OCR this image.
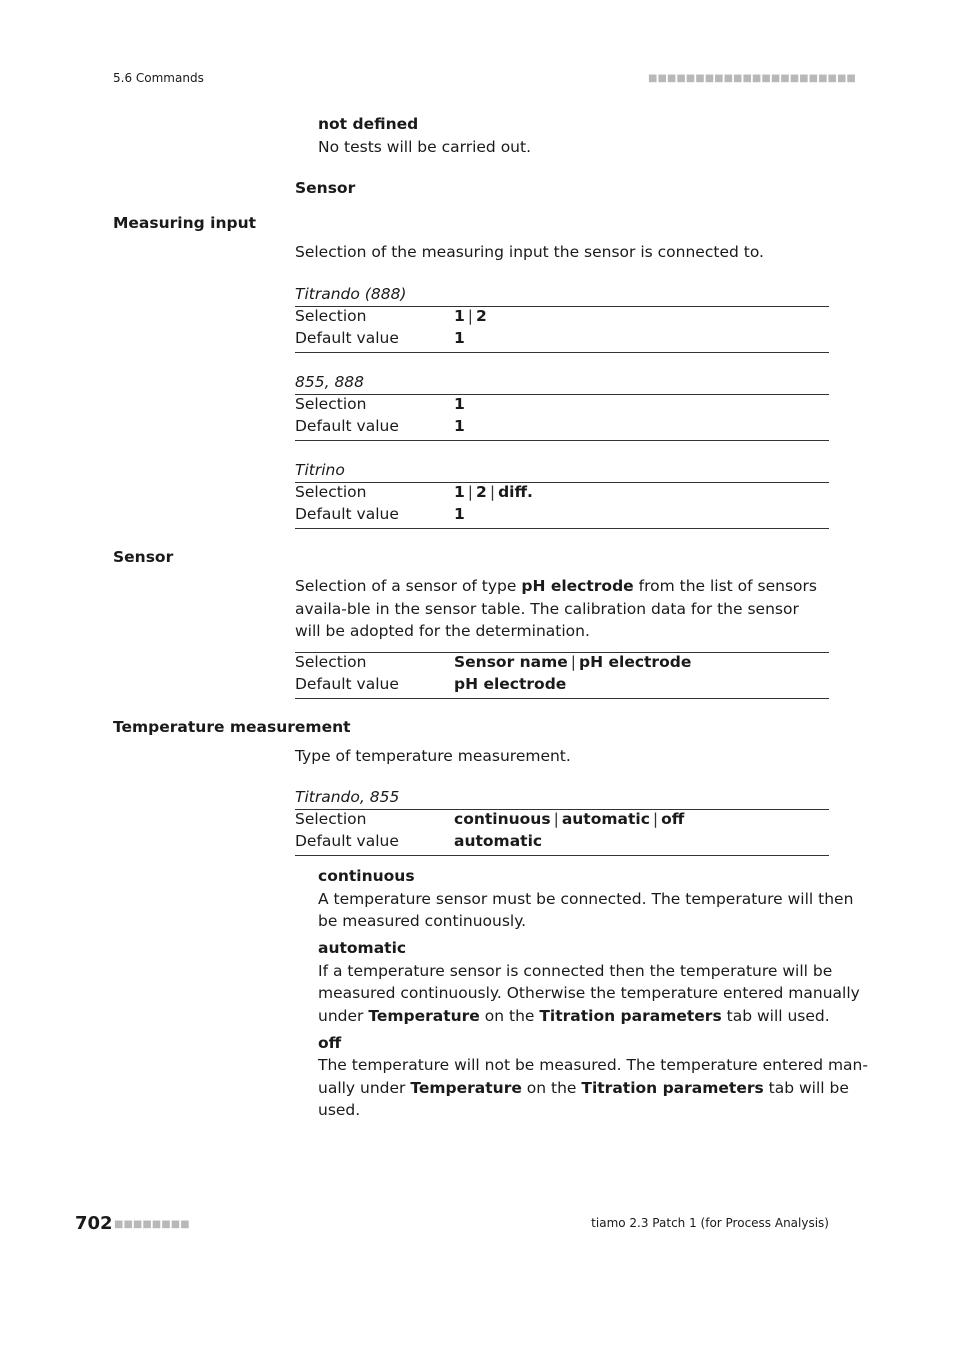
5.6 Commands	■■■■■■■■■■■■■■■■■■■■■■
not defined
No tests will be carried out.
Sensor
Measuring input
Selection of the measuring input the sensor is connected to.
Titrando (888)
Selection	1 | 2
Default value	1
855, 888
Selection	1
Default value	1
Titrino
Selection	1 | 2 | diff.
Default value	1
Sensor
Selection of a sensor of type pH electrode from the list of sensors availa-ble in the sensor table. The calibration data for the sensor will be adopted for the determination.
Selection	Sensor name | pH electrode
Default value	pH electrode
Temperature measurement
Type of temperature measurement.
Titrando, 855
Selection	continuous | automatic | off
Default value	automatic
continuous
A temperature sensor must be connected. The temperature will then
be measured continuously.
automatic
If a temperature sensor is connected then the temperature will be
measured continuously. Otherwise the temperature entered manually
under Temperature on the Titration parameters tab will used.
off
The temperature will not be measured. The temperature entered man-
ually under Temperature on the Titration parameters tab will be
used.
702 ■■■■■■■■	tiamo 2.3 Patch 1 (for Process Analysis)
